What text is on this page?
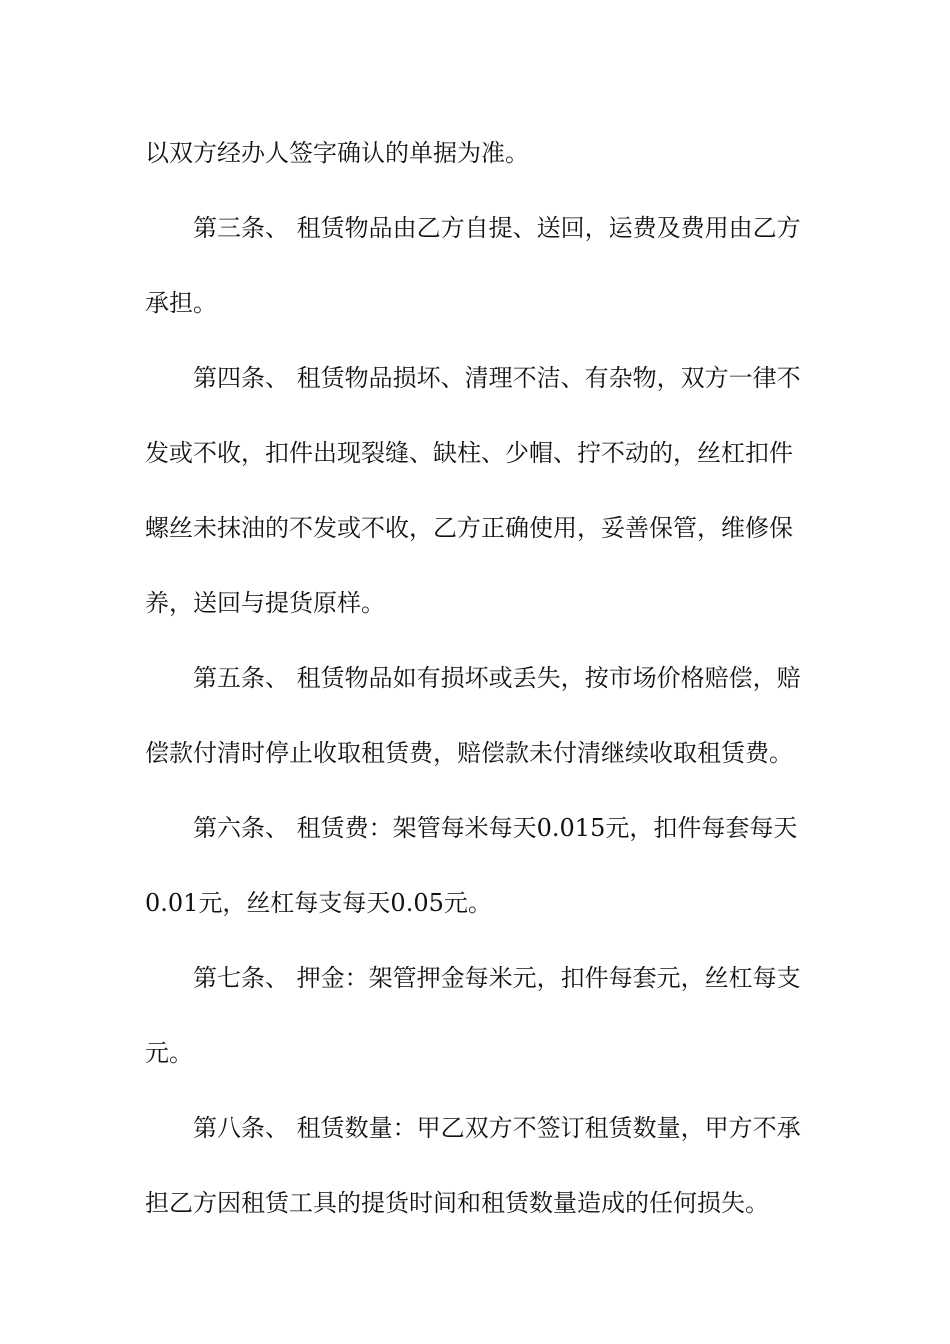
以双方经办人签字确认的单据为准。
第三条、 租赁物品由乙方自提、送回，运费及费用由乙方
承担。
第四条、 租赁物品损坏、清理不洁、有杂物，双方一律不
发或不收，扣件出现裂缝、缺柱、少帽、拧不动的，丝杠扣件
螺丝未抹油的不发或不收，乙方正确使用，妥善保管，维修保
养，送回与提货原样。
第五条、 租赁物品如有损坏或丢失，按市场价格赔偿，赔
偿款付清时停止收取租赁费，赔偿款未付清继续收取租赁费。
第六条、 租赁费：架管每米每天0.015元，扣件每套每天
0.01元，丝杠每支每天0.05元。
第七条、 押金：架管押金每米元，扣件每套元，丝杠每支
元。
第八条、 租赁数量：甲乙双方不签订租赁数量，甲方不承
担乙方因租赁工具的提货时间和租赁数量造成的任何损失。
